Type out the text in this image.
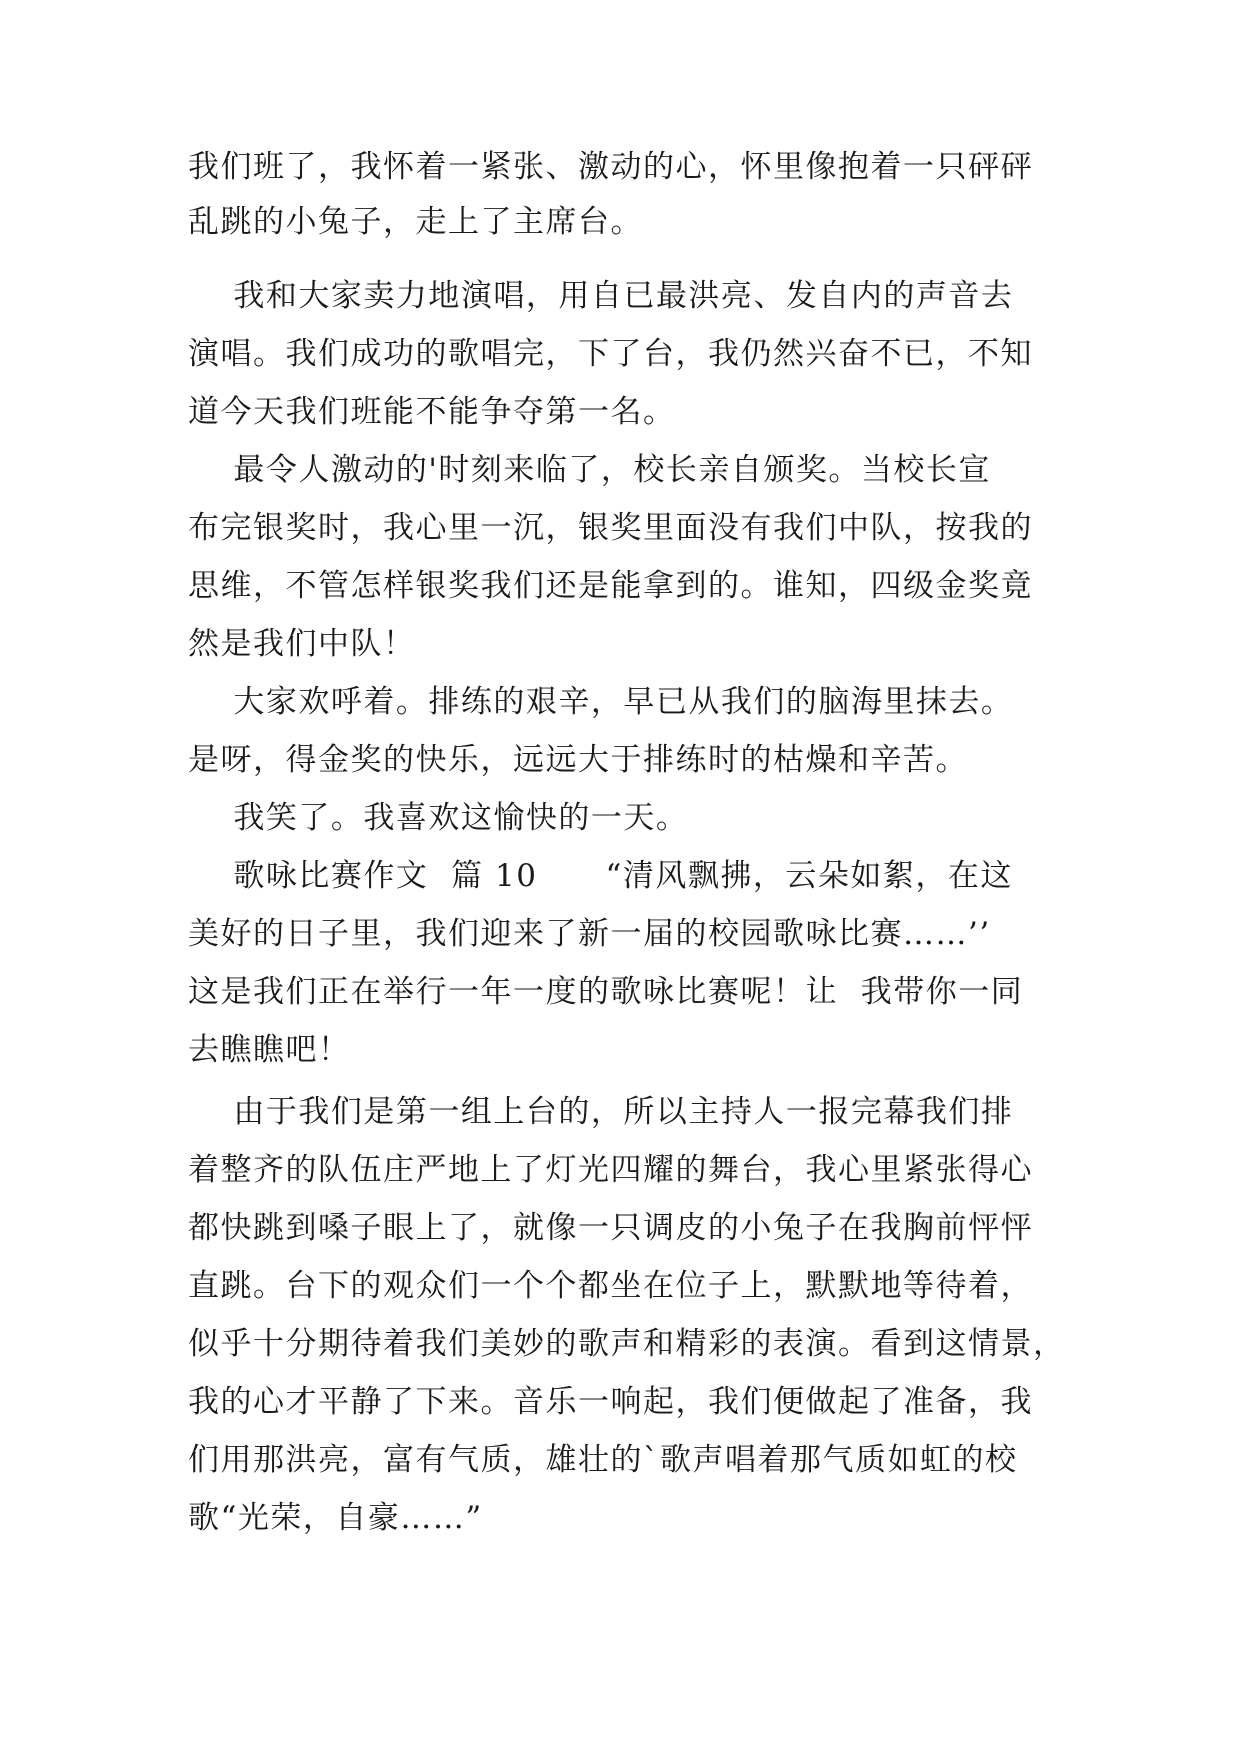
我们班了，我怀着一紧张、激动的心，怀里像抱着一只砰砰
乱跳的小兔子，走上了主席台。
我和大家卖力地演唱，用自已最洪亮、发自内的声音去
演唱。我们成功的歌唱完，下了台，我仍然兴奋不已，不知
道今天我们班能不能争夺第一名。
最令人激动的'时刻来临了，校长亲自颁奖。当校长宣
布完银奖时，我心里一沉，银奖里面没有我们中队，按我的
思维，不管怎样银奖我们还是能拿到的。谁知，四级金奖竟
然是我们中队！
大家欢呼着。排练的艰辛，早已从我们的脑海里抹去。
是呀，得金奖的快乐，远远大于排练时的枯燥和辛苦。
我笑了。我喜欢这愉快的一天。
歌咏比赛作文  篇 10      “清风飘拂，云朵如絮，在这
美好的日子里，我们迎来了新一届的校园歌咏比赛……’’
这是我们正在举行一年一度的歌咏比赛呢！让  我带你一同
去瞧瞧吧！
由于我们是第一组上台的，所以主持人一报完幕我们排
着整齐的队伍庄严地上了灯光四耀的舞台，我心里紧张得心
都快跳到嗓子眼上了，就像一只调皮的小兔子在我胸前怦怦
直跳。台下的观众们一个个都坐在位子上，默默地等待着，
似乎十分期待着我们美妙的歌声和精彩的表演。看到这情景，
我的心才平静了下来。音乐一响起，我们便做起了准备，我
们用那洪亮，富有气质，雄壮的`歌声唱着那气质如虹的校
歌“光荣，自豪……”
